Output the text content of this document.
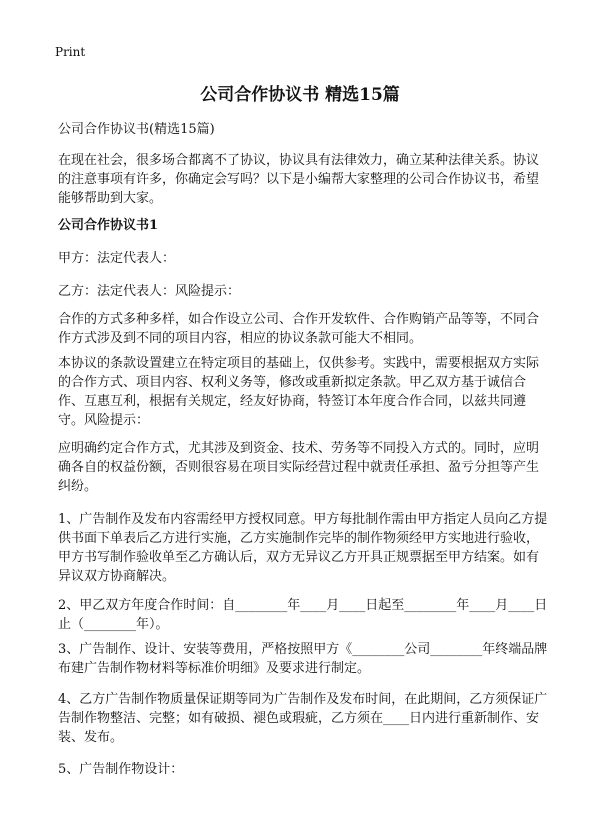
Print
公司合作协议书 精选15篇

公司合作协议书(精选15篇)

在现在社会，很多场合都离不了协议，协议具有法律效力，确立某种法律关系。协议的注意事项有许多，你确定会写吗？以下是小编帮大家整理的公司合作协议书，希望能够帮助到大家。

公司合作协议书1

甲方：法定代表人：

乙方：法定代表人：风险提示：

合作的方式多种多样，如合作设立公司、合作开发软件、合作购销产品等等，不同合作方式涉及到不同的项目内容，相应的协议条款可能大不相同。

本协议的条款设置建立在特定项目的基础上，仅供参考。实践中，需要根据双方实际的合作方式、项目内容、权利义务等，修改或重新拟定条款。甲乙双方基于诚信合作、互惠互利，根据有关规定，经友好协商，特签订本年度合作合同，以兹共同遵守。风险提示：

应明确约定合作方式，尤其涉及到资金、技术、劳务等不同投入方式的。同时，应明确各自的权益份额，否则很容易在项目实际经营过程中就责任承担、盈亏分担等产生纠纷。

1、广告制作及发布内容需经甲方授权同意。甲方每批制作需由甲方指定人员向乙方提供书面下单表后乙方进行实施，乙方实施制作完毕的制作物须经甲方实地进行验收，甲方书写制作验收单至乙方确认后，双方无异议乙方开具正规票据至甲方结案。如有异议双方协商解决。

2、甲乙双方年度合作时间：自________年____月____日起至________年____月____日止（________年）。

3、广告制作、设计、安装等费用，严格按照甲方《________公司________年终端品牌布建广告制作物材料等标准价明细》及要求进行制定。

4、乙方广告制作物质量保证期等同为广告制作及发布时间，在此期间，乙方须保证广告制作物整洁、完整；如有破损、褪色或瑕疵，乙方须在____日内进行重新制作、安装、发布。

5、广告制作物设计：
